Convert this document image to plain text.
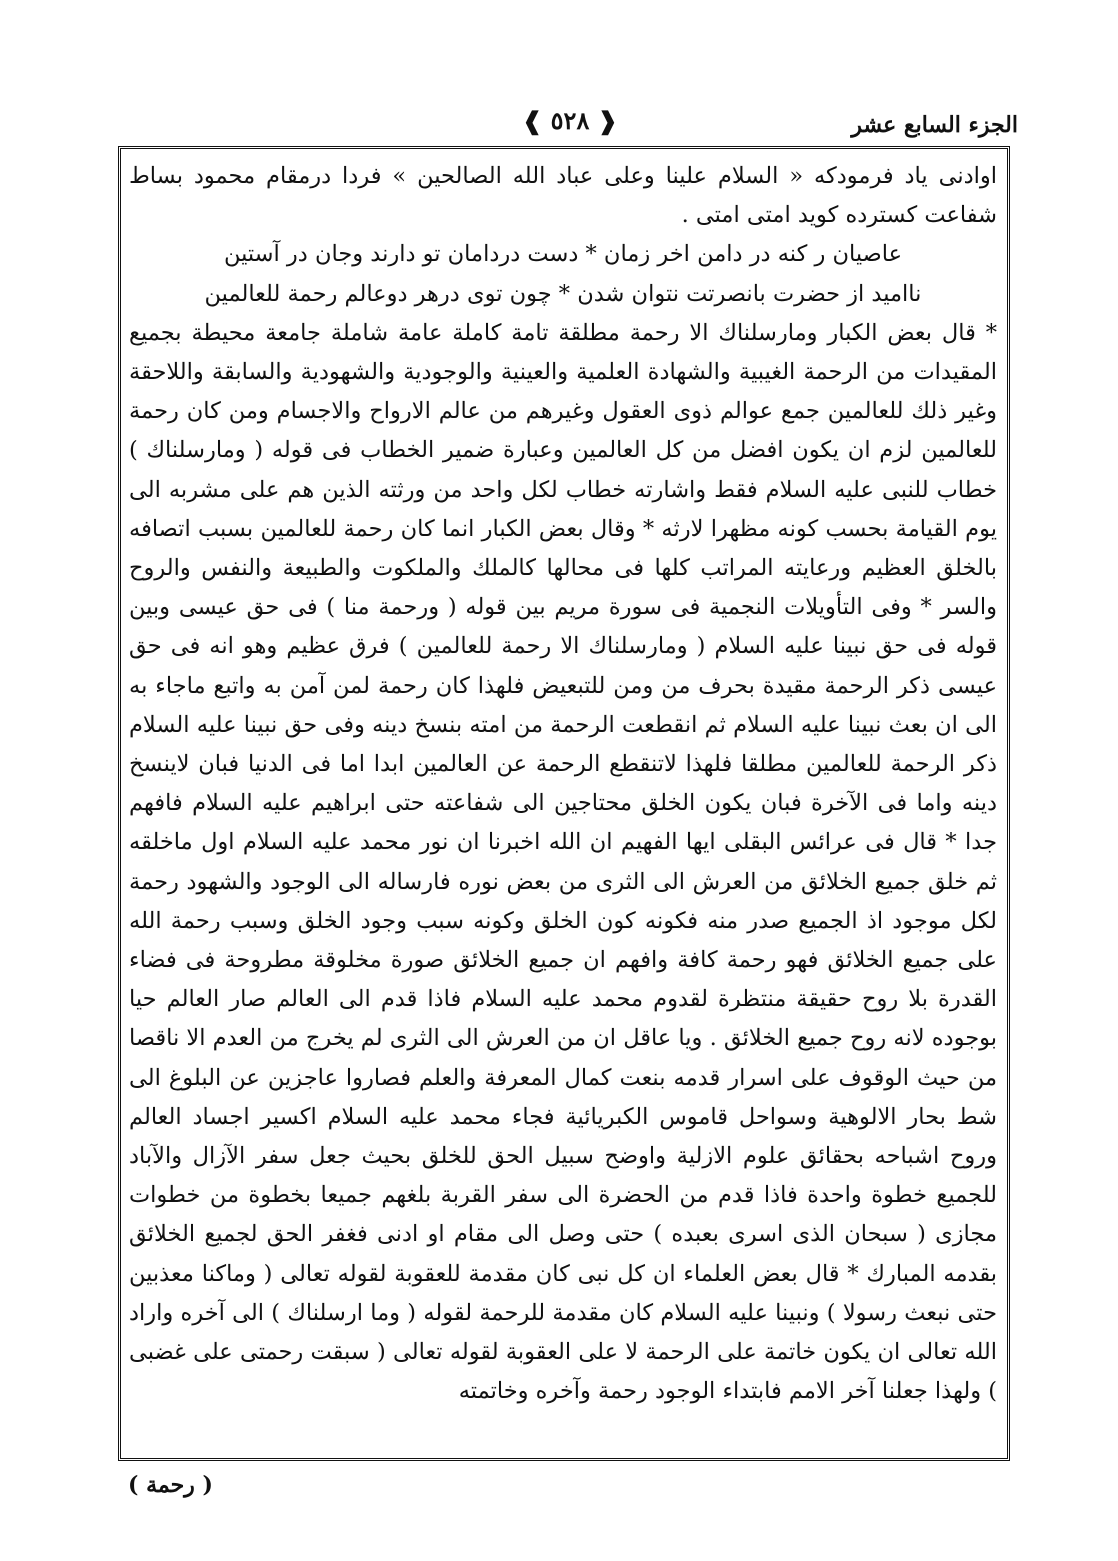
الجزء السابع عشر
❰ ٥٢٨ ❱

اوادنى ياد فرمودكه « السلام علينا وعلى عباد الله الصالحين » فردا درمقام محمود بساط شفاعت كسترده كويد امتى امتى .

عاصيان ر كنه در دامن اخر زمان * دست دردامان تو دارند وجان در آستين

نااميد از حضرت بانصرتت نتوان شدن * چون توى درهر دوعالم رحمة للعالمين

* قال بعض الكبار ومارسلناك الا رحمة مطلقة تامة كاملة عامة شاملة جامعة محيطة بجميع المقيدات من الرحمة الغيبية والشهادة العلمية والعينية والوجودية والشهودية والسابقة واللاحقة وغير ذلك للعالمين جمع عوالم ذوى العقول وغيرهم من عالم الارواح والاجسام ومن كان رحمة للعالمين لزم ان يكون افضل من كل العالمين وعبارة ضمير الخطاب فى قوله ( ومارسلناك ) خطاب للنبى عليه السلام فقط واشارته خطاب لكل واحد من ورثته الذين هم على مشربه الى يوم القيامة بحسب كونه مظهرا لارثه * وقال بعض الكبار انما كان رحمة للعالمين بسبب اتصافه بالخلق العظيم ورعايته المراتب كلها فى محالها كالملك والملكوت والطبيعة والنفس والروح والسر * وفى التأويلات النجمية فى سورة مريم بين قوله ( ورحمة منا ) فى حق عيسى وبين قوله فى حق نبينا عليه السلام ( ومارسلناك الا رحمة للعالمين ) فرق عظيم وهو انه فى حق عيسى ذكر الرحمة مقيدة بحرف من ومن للتبعيض فلهذا كان رحمة لمن آمن به واتبع ماجاء به الى ان بعث نبينا عليه السلام ثم انقطعت الرحمة من امته بنسخ دينه وفى حق نبينا عليه السلام ذكر الرحمة للعالمين مطلقا فلهذا لاتنقطع الرحمة عن العالمين ابدا اما فى الدنيا فبان لاينسخ دينه واما فى الآخرة فبان يكون الخلق محتاجين الى شفاعته حتى ابراهيم عليه السلام فافهم جدا * قال فى عرائس البقلى ايها الفهيم ان الله اخبرنا ان نور محمد عليه السلام اول ماخلقه ثم خلق جميع الخلائق من العرش الى الثرى من بعض نوره فارساله الى الوجود والشهود رحمة لكل موجود اذ الجميع صدر منه فكونه كون الخلق وكونه سبب وجود الخلق وسبب رحمة الله على جميع الخلائق فهو رحمة كافة وافهم ان جميع الخلائق صورة مخلوقة مطروحة فى فضاء القدرة بلا روح حقيقة منتظرة لقدوم محمد عليه السلام فاذا قدم الى العالم صار العالم حيا بوجوده لانه روح جميع الخلائق . ويا عاقل ان من العرش الى الثرى لم يخرج من العدم الا ناقصا من حيث الوقوف على اسرار قدمه بنعت كمال المعرفة والعلم فصاروا عاجزين عن البلوغ الى شط بحار الالوهية وسواحل قاموس الكبريائية فجاء محمد عليه السلام اكسير اجساد العالم وروح اشباحه بحقائق علوم الازلية واوضح سبيل الحق للخلق بحيث جعل سفر الآزال والآباد للجميع خطوة واحدة فاذا قدم من الحضرة الى سفر القربة بلغهم جميعا بخطوة من خطوات مجازى ( سبحان الذى اسرى بعبده ) حتى وصل الى مقام او ادنى فغفر الحق لجميع الخلائق بقدمه المبارك * قال بعض العلماء ان كل نبى كان مقدمة للعقوبة لقوله تعالى ( وماكنا معذبين حتى نبعث رسولا ) ونبينا عليه السلام كان مقدمة للرحمة لقوله ( وما ارسلناك ) الى آخره واراد الله تعالى ان يكون خاتمة على الرحمة لا على العقوبة لقوله تعالى ( سبقت رحمتى على غضبى ) ولهذا جعلنا آخر الامم فابتداء الوجود رحمة وآخره وخاتمته

( رحمة )
